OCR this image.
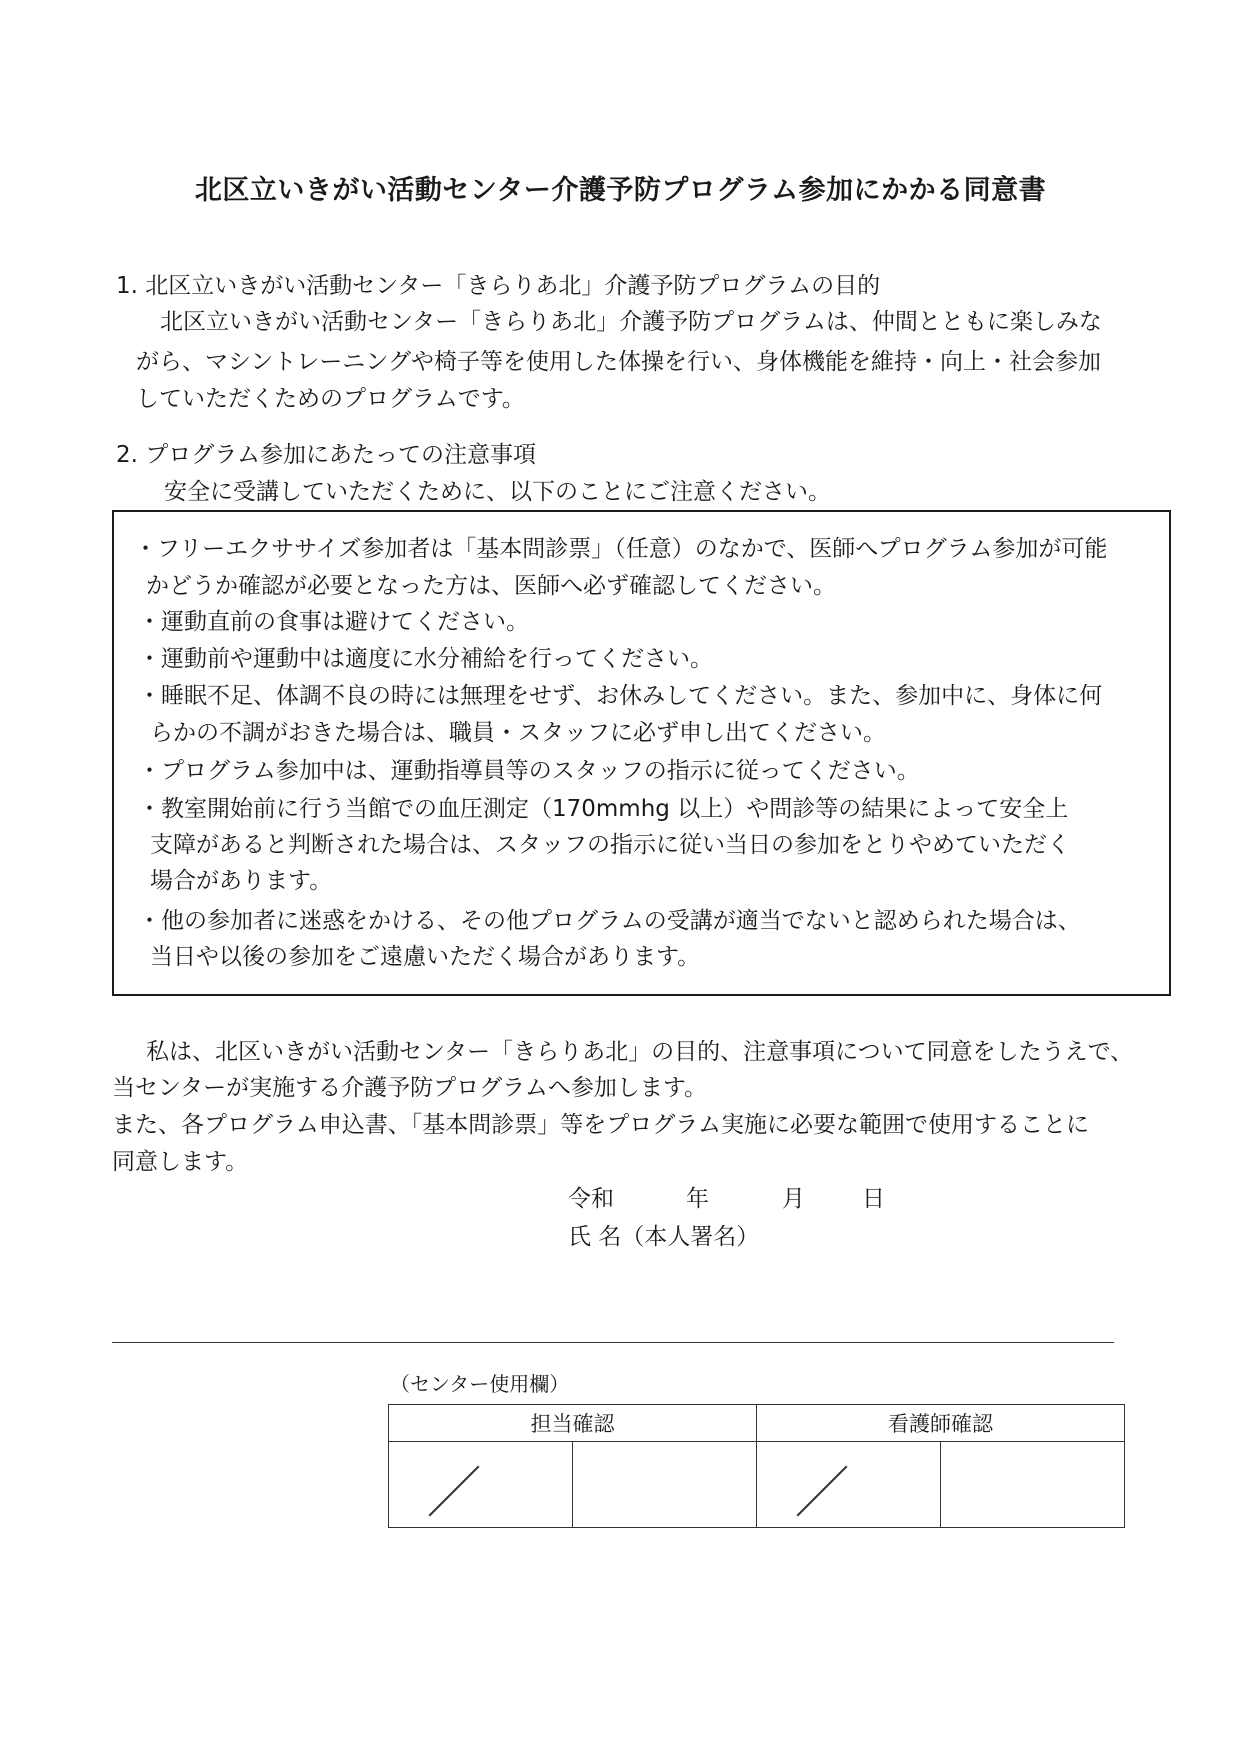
北区立いきがい活動センター介護予防プログラム参加にかかる同意書
1. 北区立いきがい活動センター「きらりあ北」介護予防プログラムの目的
北区立いきがい活動センター「きらりあ北」介護予防プログラムは、仲間とともに楽しみな
がら、マシントレーニングや椅子等を使用した体操を行い、身体機能を維持・向上・社会参加
していただくためのプログラムです。
2. プログラム参加にあたっての注意事項
安全に受講していただくために、以下のことにご注意ください。
・フリーエクササイズ参加者は「基本問診票」（任意）のなかで、医師へプログラム参加が可能
かどうか確認が必要となった方は、医師へ必ず確認してください。
・運動直前の食事は避けてください。
・運動前や運動中は適度に水分補給を行ってください。
・睡眠不足、体調不良の時には無理をせず、お休みしてください。また、参加中に、身体に何
らかの不調がおきた場合は、職員・スタッフに必ず申し出てください。
・プログラム参加中は、運動指導員等のスタッフの指示に従ってください。
・教室開始前に行う当館での血圧測定（170mmhg 以上）や問診等の結果によって安全上
支障があると判断された場合は、スタッフの指示に従い当日の参加をとりやめていただく
場合があります。
・他の参加者に迷惑をかける、その他プログラムの受講が適当でないと認められた場合は、
当日や以後の参加をご遠慮いただく場合があります。
私は、北区いきがい活動センター「きらりあ北」の目的、注意事項について同意をしたうえで、
当センターが実施する介護予防プログラムへ参加します。
また、各プログラム申込書、「基本問診票」等をプログラム実施に必要な範囲で使用することに
同意します。
令和	年	月 日
氏 名（本人署名）
（センター使用欄）
担当確認		看護師確認	
